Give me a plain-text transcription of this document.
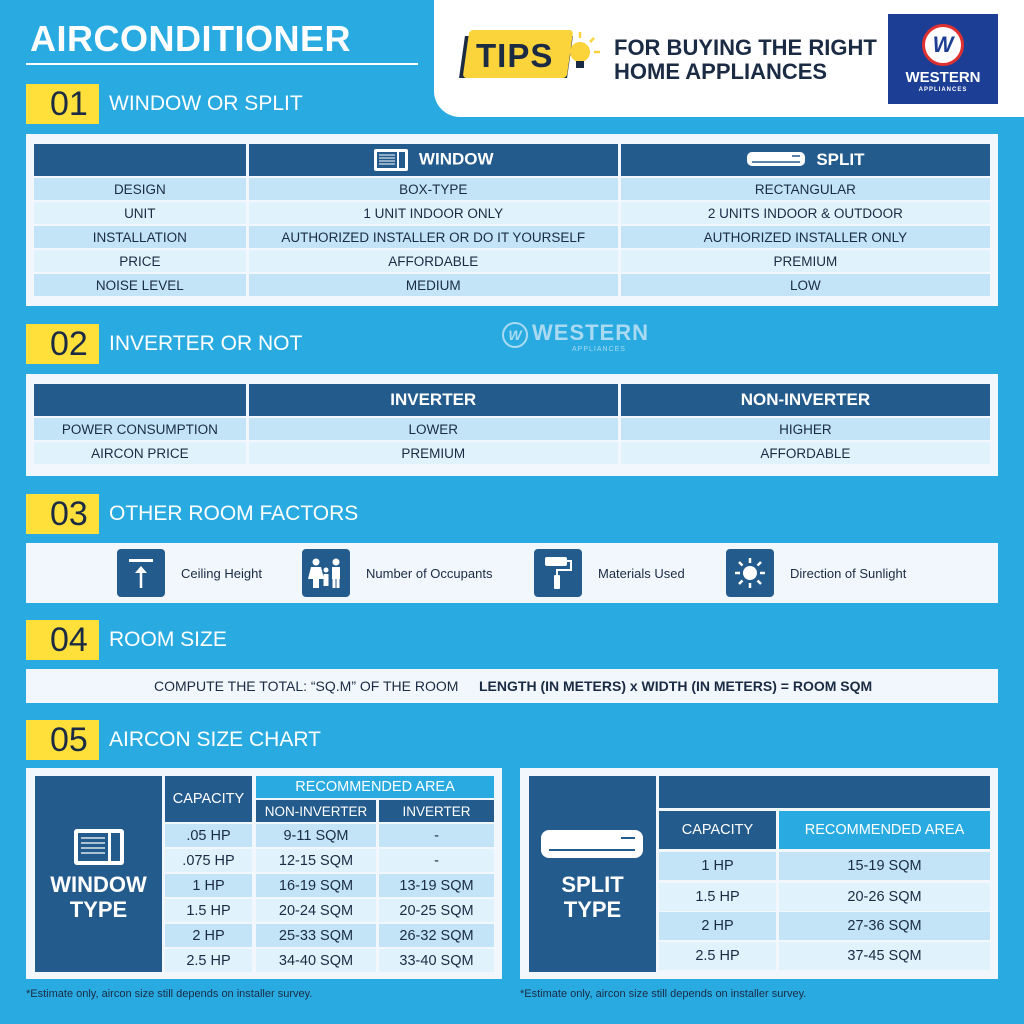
AIRCONDITIONER	TIPS	FOR BUYING THE RIGHT
HOME APPLIANCES
W
WESTERN
APPLIANCES
01	WINDOW OR SPLIT
	WINDOW	SPLIT
DESIGN	BOX-TYPE	RECTANGULAR
UNIT	1 UNIT INDOOR ONLY	2 UNITS INDOOR & OUTDOOR
INSTALLATION	AUTHORIZED INSTALLER OR DO IT YOURSELF	AUTHORIZED INSTALLER ONLY
PRICE	AFFORDABLE	PREMIUM
NOISE LEVEL	MEDIUM	LOW
02	INVERTER OR NOT	W WESTERN
APPLIANCES
	INVERTER	NON-INVERTER
POWER CONSUMPTION	LOWER	HIGHER
AIRCON PRICE	PREMIUM	AFFORDABLE
03	OTHER ROOM FACTORS
Ceiling Height	Number of Occupants	Materials Used	Direction of Sunlight
04	ROOM SIZE
COMPUTE THE TOTAL: “SQ.M” OF THE ROOM LENGTH (IN METERS) x WIDTH (IN METERS) = ROOM SQM
05	AIRCON SIZE CHART
WINDOW
TYPE
CAPACITY
RECOMMENDED AREA
NON-INVERTER	INVERTER
.05 HP	9-11 SQM	-
.075 HP	12-15 SQM	-
1 HP	16-19 SQM	13-19 SQM
1.5 HP	20-24 SQM	20-25 SQM
2 HP	25-33 SQM	26-32 SQM
2.5 HP	34-40 SQM	33-40 SQM
SPLIT
TYPE
CAPACITY	RECOMMENDED AREA
1 HP	15-19 SQM
1.5 HP	20-26 SQM
2 HP	27-36 SQM
2.5 HP	37-45 SQM
*Estimate only, aircon size still depends on installer survey.	*Estimate only, aircon size still depends on installer survey.
